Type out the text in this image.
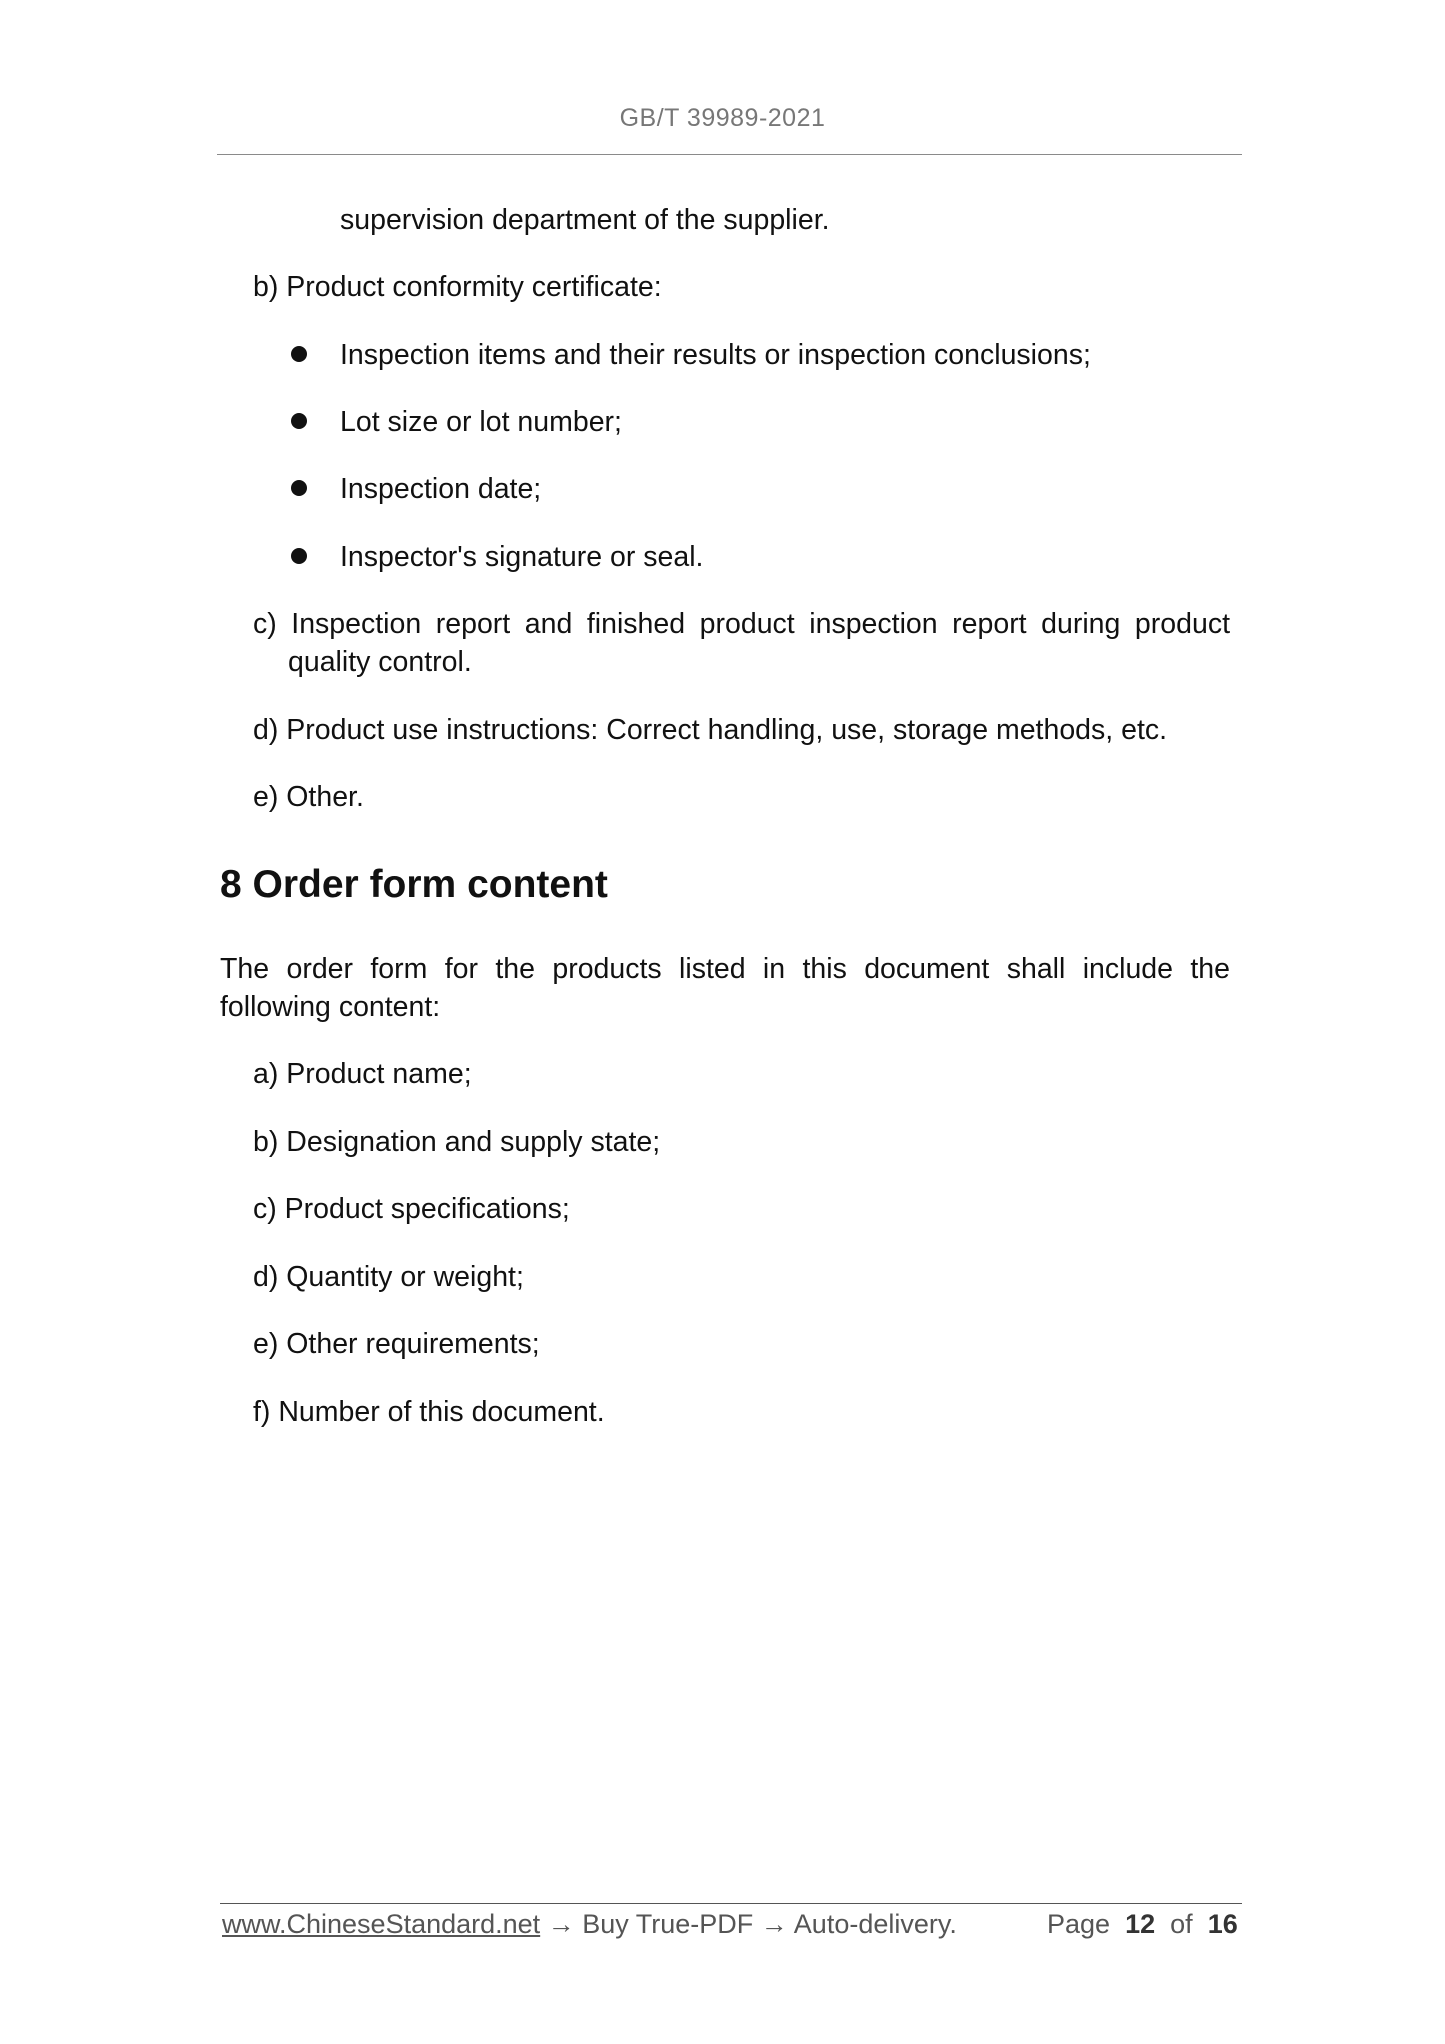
GB/T 39989-2021
supervision department of the supplier.
b) Product conformity certificate:
Inspection items and their results or inspection conclusions;
Lot size or lot number;
Inspection date;
Inspector's signature or seal.
c) Inspection report and finished product inspection report during product
quality control.
d) Product use instructions: Correct handling, use, storage methods, etc.
e) Other.
8 Order form content
The order form for the products listed in this document shall include the
following content:
a) Product name;
b) Designation and supply state;
c) Product specifications;
d) Quantity or weight;
e) Other requirements;
f) Number of this document.
www.ChineseStandard.net → Buy True-PDF → Auto-delivery.	Page 12 of 16
